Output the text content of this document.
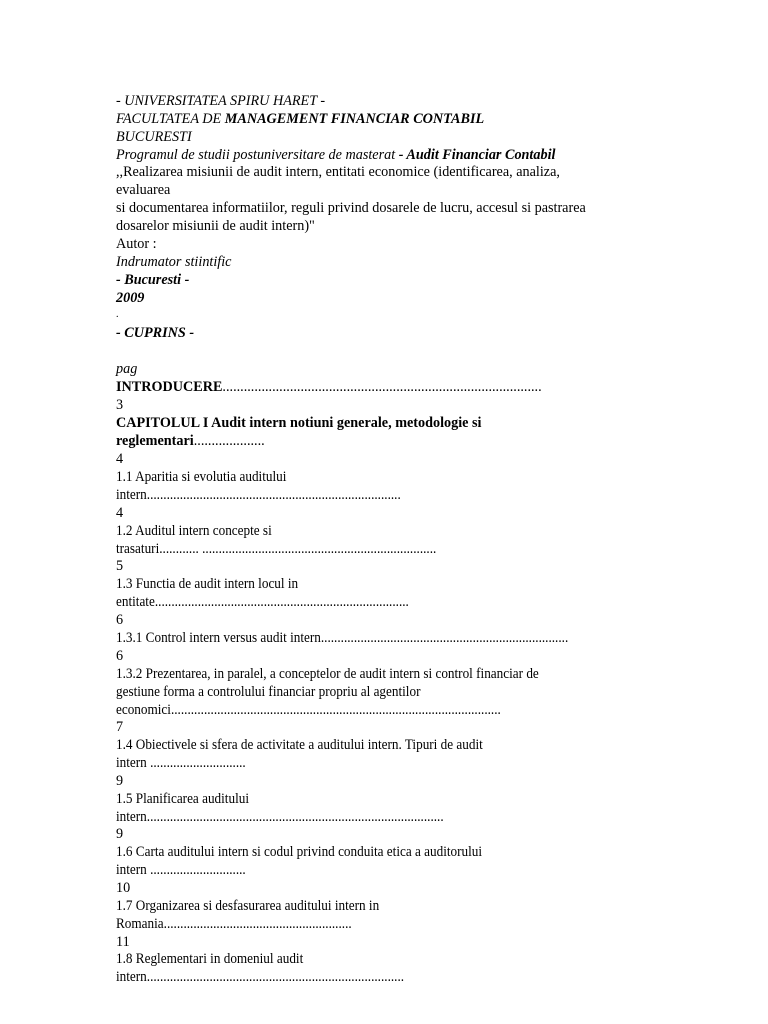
- UNIVERSITATEA SPIRU HARET -
FACULTATEA DE MANAGEMENT FINANCIAR CONTABIL
BUCURESTI
Programul de studii postuniversitare de masterat - Audit Financiar Contabil
,,Realizarea misiunii de audit intern, entitati economice (identificarea, analiza,
evaluarea
si documentarea informatiilor, reguli privind dosarele de lucru, accesul si pastrarea
dosarelor misiunii de audit intern)"
Autor :
Indrumator stiintific
- Bucuresti -
2009
.
- CUPRINS -
pag
INTRODUCERE..........................................................................................
3
CAPITOLUL I Audit intern notiuni generale, metodologie si
reglementari....................
4
1.1 Aparitia si evolutia auditului
intern.............................................................................
4
1.2 Auditul intern concepte si
trasaturi............ .......................................................................
5
1.3 Functia de audit intern locul in
entitate.............................................................................
6
1.3.1 Control intern versus audit intern...........................................................................
6
1.3.2 Prezentarea, in paralel, a conceptelor de audit intern si control financiar de
gestiune forma a controlului financiar propriu al agentilor
economici....................................................................................................
7
1.4 Obiectivele si sfera de activitate a auditului intern. Tipuri de audit
intern .............................
9
1.5 Planificarea auditului
intern..........................................................................................
9
1.6 Carta auditului intern si codul privind conduita etica a auditorului
intern .............................
10
1.7 Organizarea si desfasurarea auditului intern in
Romania.........................................................
11
1.8 Reglementari in domeniul audit
intern..............................................................................
